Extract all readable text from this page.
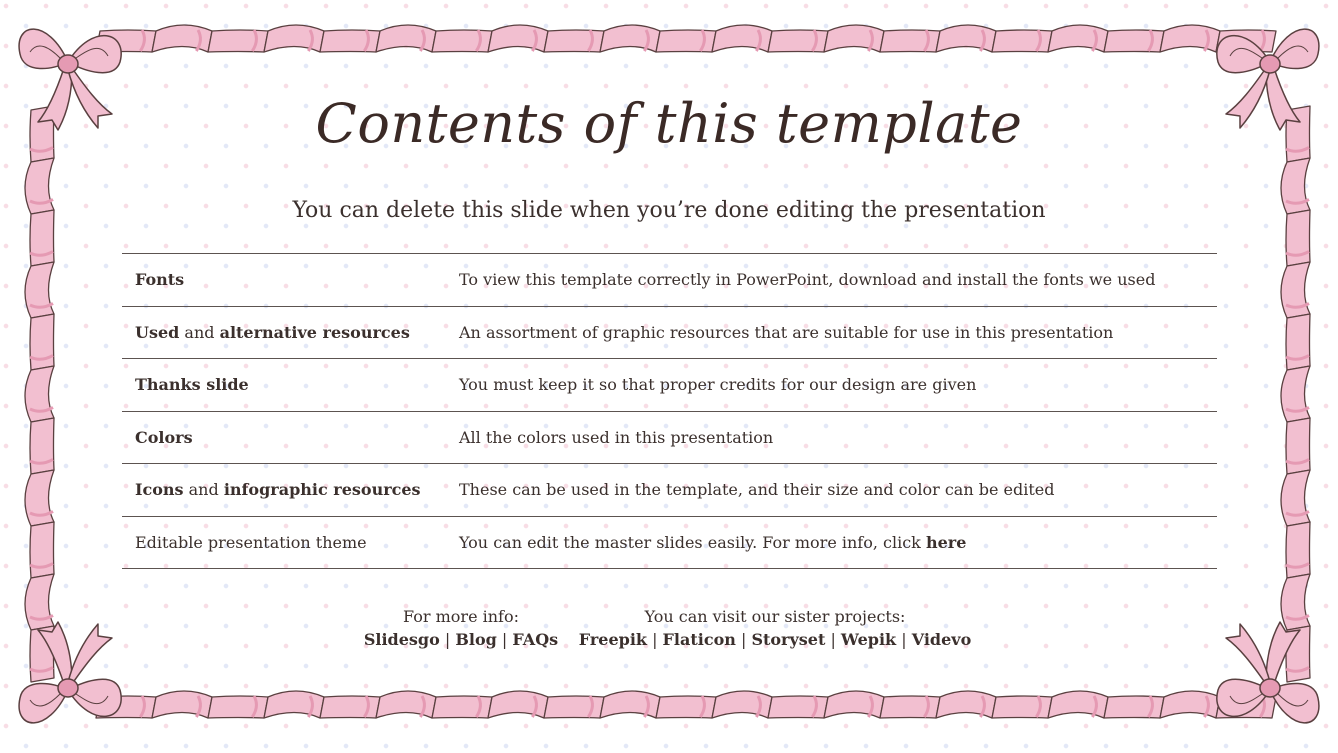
Contents of this template
You can delete this slide when you’re done editing the presentation
Fonts	To view this template correctly in PowerPoint, download and install the fonts we used
Used and alternative resources	An assortment of graphic resources that are suitable for use in this presentation
Thanks slide	You must keep it so that proper credits for our design are given
Colors	All the colors used in this presentation
Icons and infographic resources	These can be used in the template, and their size and color can be edited
Editable presentation theme	You can edit the master slides easily. For more info, click here
For more info:
Slidesgo | Blog | FAQs
You can visit our sister projects:
Freepik | Flaticon | Storyset | Wepik | Videvo
